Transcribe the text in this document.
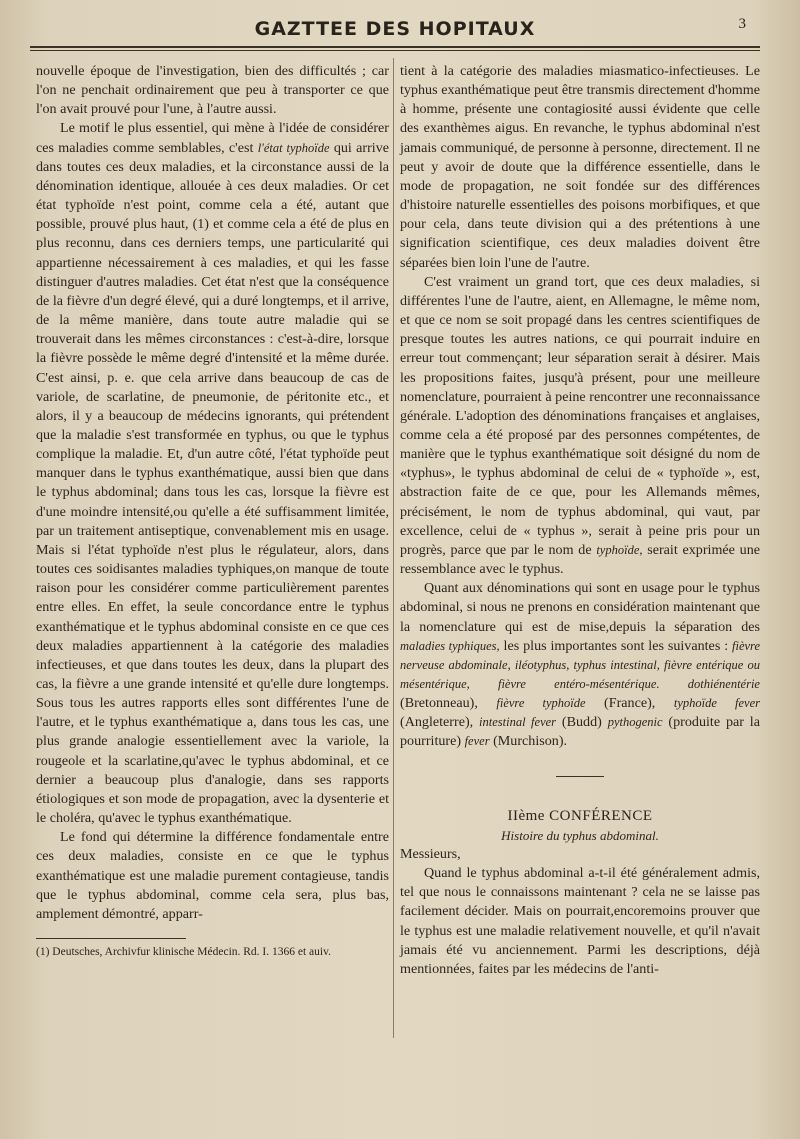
GAZTTEE DES HOPITAUX	3

nouvelle époque de l'investigation, bien des difficultés ; car l'on ne penchait ordinairement que peu à transporter ce que l'on avait prouvé pour l'une, à l'autre aussi.

Le motif le plus essentiel, qui mène à l'idée de considérer ces maladies comme semblables, c'est l'état typhoïde qui arrive dans toutes ces deux maladies, et la circonstance aussi de la dénomination identique, allouée à ces deux maladies. Or cet état typhoïde n'est point, comme cela a été, autant que possible, prouvé plus haut, (1) et comme cela a été de plus en plus reconnu, dans ces derniers temps, une particularité qui appartienne nécessairement à ces maladies, et qui les fasse distinguer d'autres maladies. Cet état n'est que la conséquence de la fièvre d'un degré élevé, qui a duré longtemps, et il arrive, de la même manière, dans toute autre maladie qui se trouverait dans les mêmes circonstances : c'est-à-dire, lorsque la fièvre possède le même degré d'intensité et la même durée. C'est ainsi, p. e. que cela arrive dans beaucoup de cas de variole, de scarlatine, de pneumonie, de péritonite etc., et alors, il y a beaucoup de médecins ignorants, qui prétendent que la maladie s'est transformée en typhus, ou que le typhus complique la maladie. Et, d'un autre côté, l'état typhoïde peut manquer dans le typhus exanthématique, aussi bien que dans le typhus abdominal; dans tous les cas, lorsque la fièvre est d'une moindre intensité,ou qu'elle a été suffisamment limitée, par un traitement antiseptique, convenablement mis en usage. Mais si l'état typhoïde n'est plus le régulateur, alors, dans toutes ces soidisantes maladies typhiques,on manque de toute raison pour les considérer comme particulièrement parentes entre elles. En effet, la seule concordance entre le typhus exanthématique et le typhus abdominal consiste en ce que ces deux maladies appartiennent à la catégorie des maladies infectieuses, et que dans toutes les deux, dans la plupart des cas, la fièvre a une grande intensité et qu'elle dure longtemps. Sous tous les autres rapports elles sont différentes l'une de l'autre, et le typhus exanthématique a, dans tous les cas, une plus grande analogie essentiellement avec la variole, la rougeole et la scarlatine,qu'avec le typhus abdominal, et ce dernier a beaucoup plus d'analogie, dans ses rapports étiologiques et son mode de propagation, avec la dysenterie et le choléra, qu'avec le typhus exanthématique.

Le fond qui détermine la différence fondamentale entre ces deux maladies, consiste en ce que le typhus exanthématique est une maladie purement contagieuse, tandis que le typhus abdominal, comme cela sera, plus bas, amplement démontré, apparr-

(1) Deutsches, Archivfur klinische Médecin. Rd. I. 1366 et auiv.

tient à la catégorie des maladies miasmatico-infectieuses. Le typhus exanthématique peut être transmis directement d'homme à homme, présente une contagiosité aussi évidente que celle des exanthèmes aigus. En revanche, le typhus abdominal n'est jamais communiqué, de personne à personne, directement. Il ne peut y avoir de doute que la différence essentielle, dans le mode de propagation, ne soit fondée sur des différences d'histoire naturelle essentielles des poisons morbifiques, et que pour cela, dans teute division qui a des prétentions à une signification scientifique, ces deux maladies doivent être séparées bien loin l'une de l'autre.

C'est vraiment un grand tort, que ces deux maladies, si différentes l'une de l'autre, aient, en Allemagne, le même nom, et que ce nom se soit propagé dans les centres scientifiques de presque toutes les autres nations, ce qui pourrait induire en erreur tout commençant; leur séparation serait à désirer. Mais les propositions faites, jusqu'à présent, pour une meilleure nomenclature, pourraient à peine rencontrer une reconnaissance générale. L'adoption des dénominations françaises et anglaises, comme cela a été proposé par des personnes compétentes, de manière que le typhus exanthématique soit désigné du nom de «typhus», le typhus abdominal de celui de « typhoïde », est, abstraction faite de ce que, pour les Allemands mêmes, précisément, le nom de typhus abdominal, qui vaut, par excellence, celui de « typhus », serait à peine pris pour un progrès, parce que par le nom de typhoïde, serait exprimée une ressemblance avec le typhus.

Quant aux dénominations qui sont en usage pour le typhus abdominal, si nous ne prenons en considération maintenant que la nomenclature qui est de mise,depuis la séparation des maladies typhiques, les plus importantes sont les suivantes : fièvre nerveuse abdominale, iléotyphus, typhus intestinal, fièvre entérique ou mésentérique, fièvre entéro-mésentérique. dothiénentérie (Bretonneau), fièvre typhoïde (France), typhoïde fever (Angleterre), intestinal fever (Budd) pythogenic (produite par la pourriture) fever (Murchison).

IIème CONFÉRENCE

Histoire du typhus abdominal.

Messieurs,

Quand le typhus abdominal a-t-il été généralement admis, tel que nous le connaissons maintenant ? cela ne se laisse pas facilement décider. Mais on pourrait,encoremoins prouver que le typhus est une maladie relativement nouvelle, et qu'il n'avait jamais été vu anciennement. Parmi les descriptions, déjà mentionnées, faites par les médecins de l'anti-
